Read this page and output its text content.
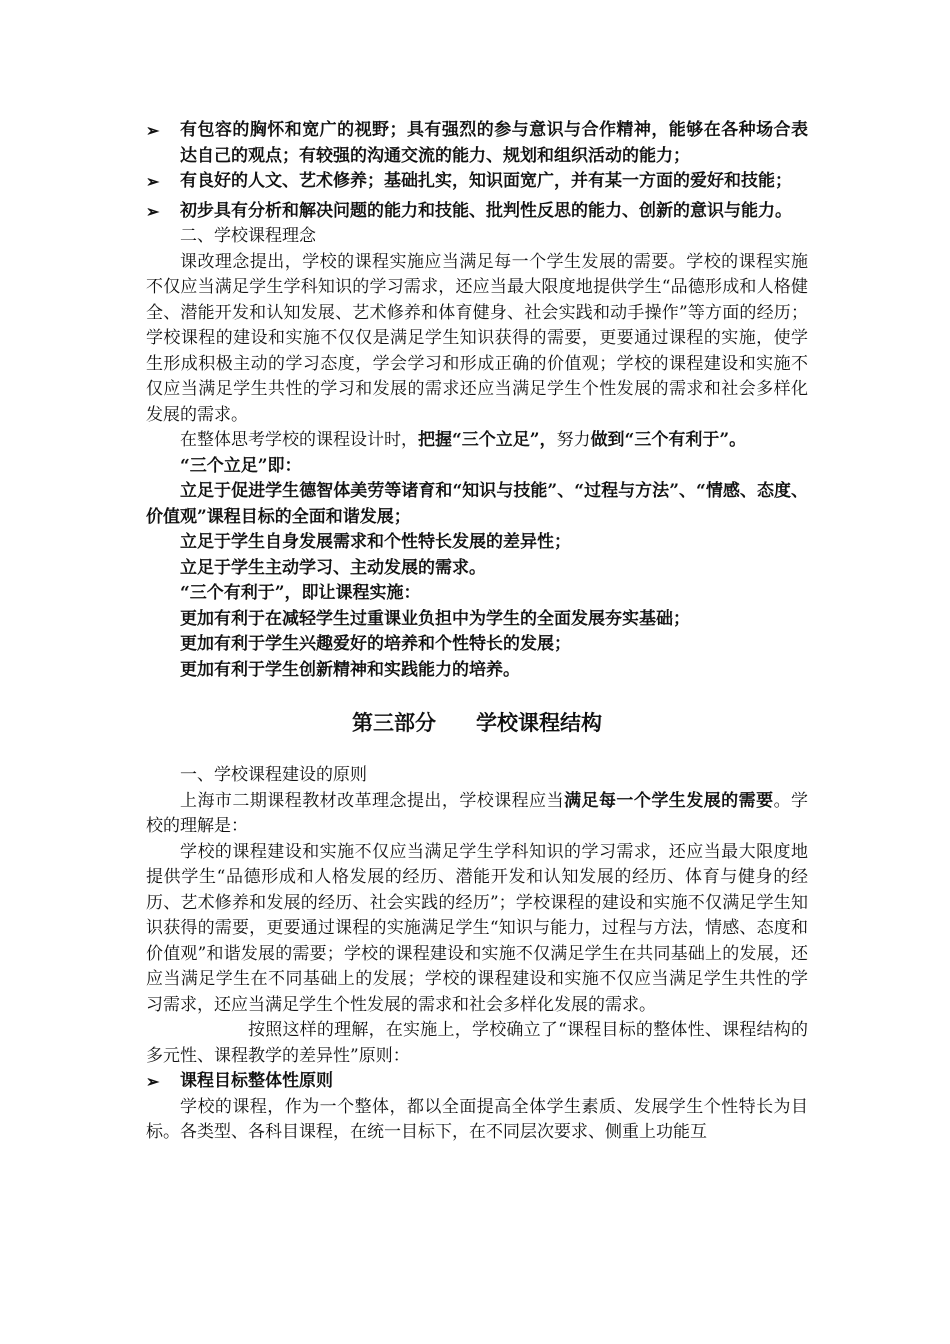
➢	有包容的胸怀和宽广的视野；具有强烈的参与意识与合作精神，能够在各种场合表达自己的观点；有较强的沟通交流的能力、规划和组织活动的能力；
➢	有良好的人文、艺术修养；基础扎实，知识面宽广，并有某一方面的爱好和技能；
➢	初步具有分析和解决问题的能力和技能、批判性反思的能力、创新的意识与能力。

二、学校课程理念

课改理念提出，学校的课程实施应当满足每一个学生发展的需要。学校的课程实施不仅应当满足学生学科知识的学习需求，还应当最大限度地提供学生“品德形成和人格健全、潜能开发和认知发展、艺术修养和体育健身、社会实践和动手操作”等方面的经历；学校课程的建设和实施不仅仅是满足学生知识获得的需要，更要通过课程的实施，使学生形成积极主动的学习态度，学会学习和形成正确的价值观；学校的课程建设和实施不仅应当满足学生共性的学习和发展的需求还应当满足学生个性发展的需求和社会多样化发展的需求。

在整体思考学校的课程设计时，把握“三个立足”，努力做到“三个有利于”。

“三个立足”即：

立足于促进学生德智体美劳等诸育和“知识与技能”、“过程与方法”、“情感、态度、价值观”课程目标的全面和谐发展；

立足于学生自身发展需求和个性特长发展的差异性；

立足于学生主动学习、主动发展的需求。

“三个有利于”，即让课程实施：

更加有利于在减轻学生过重课业负担中为学生的全面发展夯实基础；

更加有利于学生兴趣爱好的培养和个性特长的发展；

更加有利于学生创新精神和实践能力的培养。

第三部分 学校课程结构

一、学校课程建设的原则

上海市二期课程教材改革理念提出，学校课程应当满足每一个学生发展的需要。学校的理解是：

学校的课程建设和实施不仅应当满足学生学科知识的学习需求，还应当最大限度地提供学生“品德形成和人格发展的经历、潜能开发和认知发展的经历、体育与健身的经历、艺术修养和发展的经历、社会实践的经历”；学校课程的建设和实施不仅满足学生知识获得的需要，更要通过课程的实施满足学生“知识与能力，过程与方法，情感、态度和价值观”和谐发展的需要；学校的课程建设和实施不仅满足学生在共同基础上的发展，还应当满足学生在不同基础上的发展；学校的课程建设和实施不仅应当满足学生共性的学习需求，还应当满足学生个性发展的需求和社会多样化发展的需求。

按照这样的理解，在实施上，学校确立了“课程目标的整体性、课程结构的多元性、课程教学的差异性”原则：

➢	课程目标整体性原则

学校的课程，作为一个整体，都以全面提高全体学生素质、发展学生个性特长为目标。各类型、各科目课程，在统一目标下，在不同层次要求、侧重上功能互
